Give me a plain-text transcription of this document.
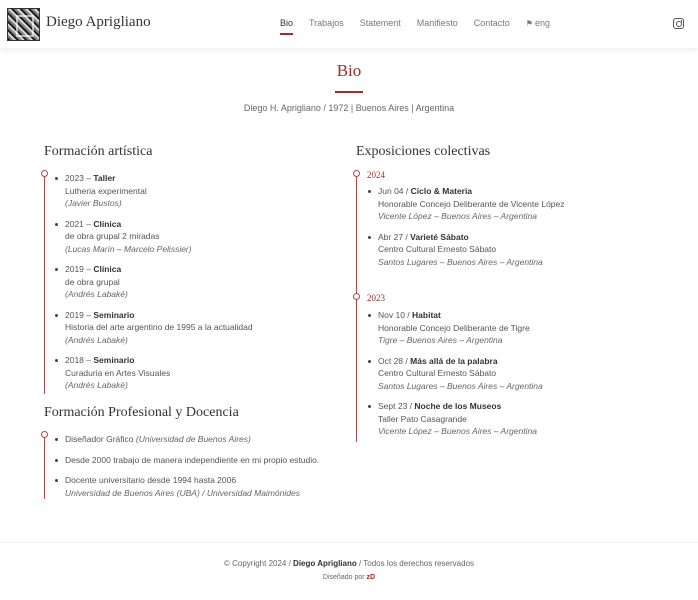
Diego Aprigliano	Bio Trabajos Statement Manifiesto Contacto ⚑ eng
Bio
Diego H. Aprigliano / 1972 | Buenos Aires | Argentina
Formación artística
2023 – Taller
Lutheria experimental
(Javier Bustos)
2021 – Clínica
de obra grupal 2 miradas
(Lucas Marín – Marcelo Pelissier)
2019 – Clínica
de obra grupal
(Andrés Labaké)
2019 – Seminario
Historia del arte argentino de 1995 a la actualidad
(Andrés Labaké)
2018 – Seminario
Curaduria en Artes Visuales
(Andrés Labaké)
Formación Profesional y Docencia
Diseñador Gráfico (Universidad de Buenos Aires)
Desde 2000 trabajo de manera independiente en mi propio estudio.
Docente universitario desde 1994 hasta 2006
Universidad de Buenos Aires (UBA) / Universidad Maimónides
Exposiciones colectivas
2024
Jun 04 / Ciclo & Materia
Honorable Concejo Deliberante de Vicente López
Vicente López – Buenos Aires – Argentina
Abr 27 / Varieté Sábato
Centro Cultural Ernesto Sábato
Santos Lugares – Buenos Aires – Argentina
2023
Nov 10 / Habitat
Honorable Concejo Deliberante de Tigre
Tigre – Buenos Aires – Argentina
Oct 28 / Más allá de la palabra
Centro Cultural Ernesto Sábato
Santos Lugares – Buenos Aires – Argentina
Sept 23 / Noche de los Museos
Taller Pato Casagrande
Vicente López – Buenos Aires – Argentina
© Copyright 2024 / Diego Aprigliano / Todos los derechos reservados
Diseñado por zD
